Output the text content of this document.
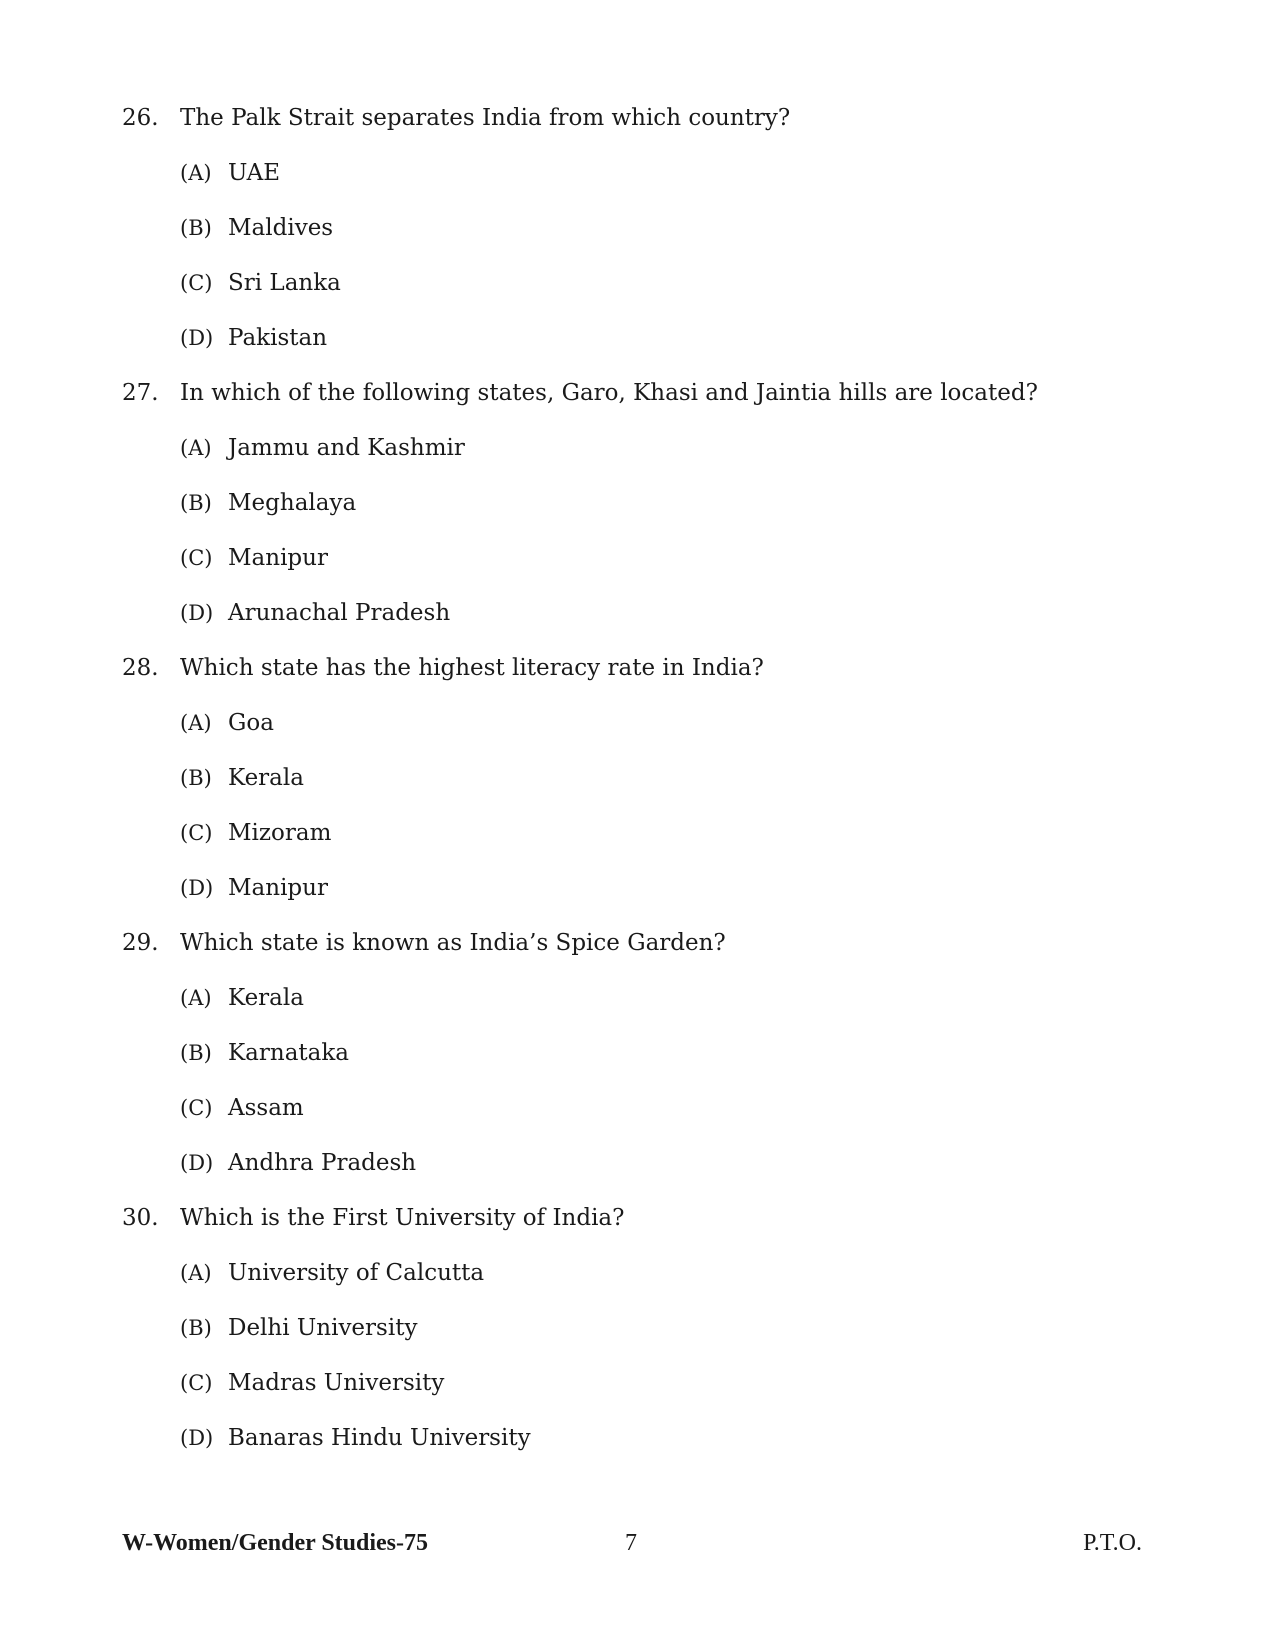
26. The Palk Strait separates India from which country?
(A) UAE
(B) Maldives
(C) Sri Lanka
(D) Pakistan
27. In which of the following states, Garo, Khasi and Jaintia hills are located?
(A) Jammu and Kashmir
(B) Meghalaya
(C) Manipur
(D) Arunachal Pradesh
28. Which state has the highest literacy rate in India?
(A) Goa
(B) Kerala
(C) Mizoram
(D) Manipur
29. Which state is known as India’s Spice Garden?
(A) Kerala
(B) Karnataka
(C) Assam
(D) Andhra Pradesh
30. Which is the First University of India?
(A) University of Calcutta
(B) Delhi University
(C) Madras University
(D) Banaras Hindu University
W-Women/Gender Studies-75	7	P.T.O.
